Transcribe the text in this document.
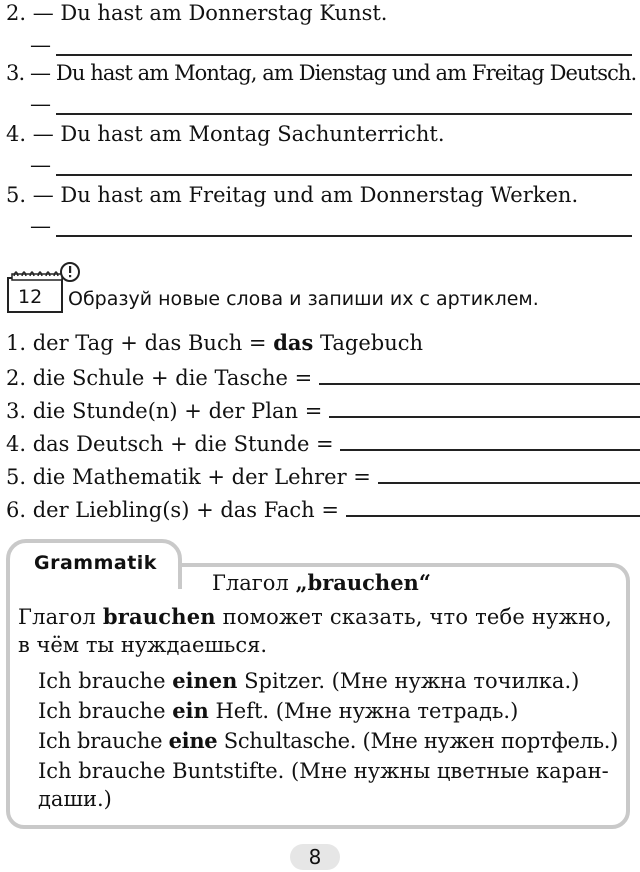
2. — Du hast am Donnerstag Kunst.
—
3. — Du hast am Montag, am Dienstag und am Freitag Deutsch.
—
4. — Du hast am Montag Sachunterricht.
—
5. — Du hast am Freitag und am Donnerstag Werken.
—
12 Образуй новые слова и запиши их с артиклем.
1. der Tag + das Buch = das Tagebuch
2. die Schule + die Tasche =
3. die Stunde(n) + der Plan =
4. das Deutsch + die Stunde =
5. die Mathematik + der Lehrer =
6. der Liebling(s) + das Fach =
Grammatik
Глагол „brauchen“
Глагол brauchen поможет сказать, что тебе нужно,
в чём ты нуждаешься.
Ich brauche einen Spitzer. (Мне нужна точилка.)
Ich brauche ein Heft. (Мне нужна тетрадь.)
Ich brauche eine Schultasche. (Мне нужен портфель.)
Ich brauche Buntstifte. (Мне нужны цветные каран-
даши.)
8
